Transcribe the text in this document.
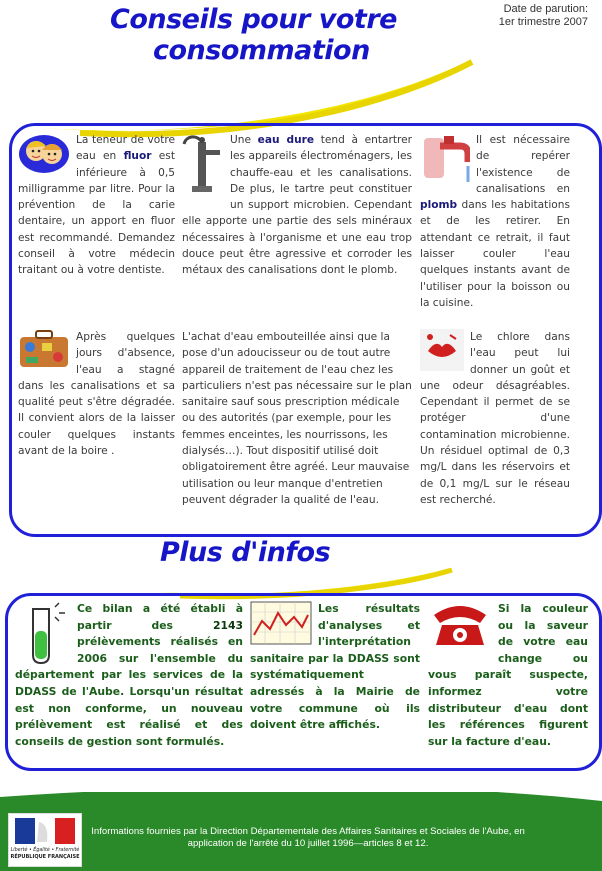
Conseils pour votre
consommation
Date de parution:
1er trimestre 2007

La teneur de votre eau en fluor est inférieure à 0,5 milligramme par litre. Pour la prévention de la carie dentaire, un apport en fluor est recommandé. Demandez conseil à votre médecin traitant ou à votre dentiste.

Une eau dure tend à entartrer les appareils électroménagers, les chauffe-eau et les canalisations. De plus, le tartre peut constituer un support microbien. Cependant elle apporte une partie des sels minéraux nécessaires à l'organisme et une eau trop douce peut être agressive et corroder les métaux des canalisations dont le plomb.

Il est nécessaire de repérer l'existence de canalisations en plomb dans les habitations et de les retirer. En attendant ce retrait, il faut laisser couler l'eau quelques instants avant de l'utiliser pour la boisson ou la cuisine.

Après quelques jours d'absence, l'eau a stagné dans les canalisations et sa qualité peut s'être dégradée. Il convient alors de la laisser couler quelques instants avant de la boire .

L'achat d'eau embouteillée ainsi que la pose d'un adoucisseur ou de tout autre appareil de traitement de l'eau chez les particuliers n'est pas nécessaire sur le plan sanitaire sauf sous prescription médicale ou des autorités (par exemple, pour les femmes enceintes, les nourrissons, les dialysés…). Tout dispositif utilisé doit obligatoirement être agréé. Leur mauvaise utilisation ou leur manque d'entretien peuvent dégrader la qualité de l'eau.

Le chlore dans l'eau peut lui donner un goût et une odeur désagréables. Cependant il permet de se protéger d'une contamination microbienne. Un résiduel optimal de 0,3 mg/L dans les réservoirs et de 0,1 mg/L sur le réseau est recherché.

Plus d'infos

Ce bilan a été établi à partir des 2143 prélèvements réalisés en 2006 sur l'ensemble du département par les services de la DDASS de l'Aube. Lorsqu'un résultat est non conforme, un nouveau prélèvement est réalisé et des conseils de gestion sont formulés.

Les résultats d'analyses et l'interprétation sanitaire par la DDASS sont systématiquement adressés à la Mairie de votre commune où ils doivent être affichés.

Si la couleur ou la saveur de votre eau change ou vous paraît suspecte, informez votre distributeur d'eau dont les références figurent sur la facture d'eau.

Liberté • Égalité • Fraternité
RÉPUBLIQUE FRANÇAISE
Informations fournies par la Direction Départementale des Affaires Sanitaires et Sociales de l'Aube, en application de l'arrêté du 10 juillet 1996—articles 8 et 12.
